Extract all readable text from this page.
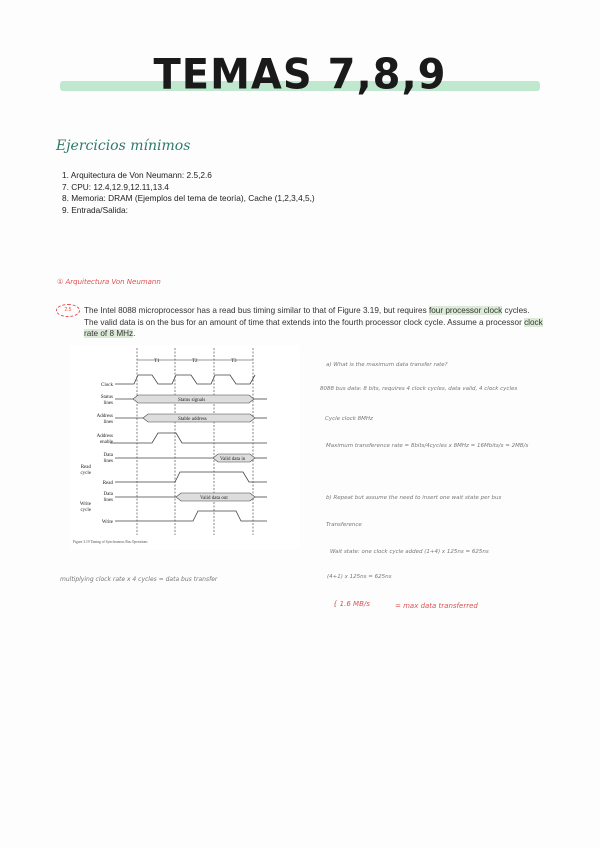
TEMAS 7,8,9
Ejercicios mínimos
1. Arquitectura de Von Neumann: 2.5,2.6
7. CPU: 12.4,12.9,12.11,13.4
8. Memoria: DRAM (Ejemplos del tema de teoría), Cache (1,2,3,4,5,)
9. Entrada/Salida:
① Arquitectura Von Neumann
2.5	The Intel 8088 microprocessor has a read bus timing similar to that of Figure 3.19, but requires four processor clock cycles. The valid data is on the bus for an amount of time that extends into the fourth processor clock cycle. Assume a processor clock rate of 8 MHz.
T1	T2	T3
Status signals
Stable address
Valid data in
Valid data out
Clock
Status
lines
Address
lines
Address
enable
Data
lines
Read
cycle
Read
Data
lines
Write
cycle
Write
Figure 3.19 Timing of Synchronous Bus Operations
a) What is the maximum data transfer rate?
8088 bus data: 8 bits, requires 4 clock cycles, data valid, 4 clock cycles
Cycle clock 8MHz
Maximum transference rate = 8bits/4cycles x 8MHz = 16Mbits/s = 2MB/s
b) Repeat but assume the need to insert one wait state per bus
Transference
Wait state: one clock cycle added (1+4) x 125ns = 625ns
(4+1) x 125ns = 625ns
{ 1.6 MB/s	= max data transferred
multiplying clock rate x 4 cycles = data bus transfer
